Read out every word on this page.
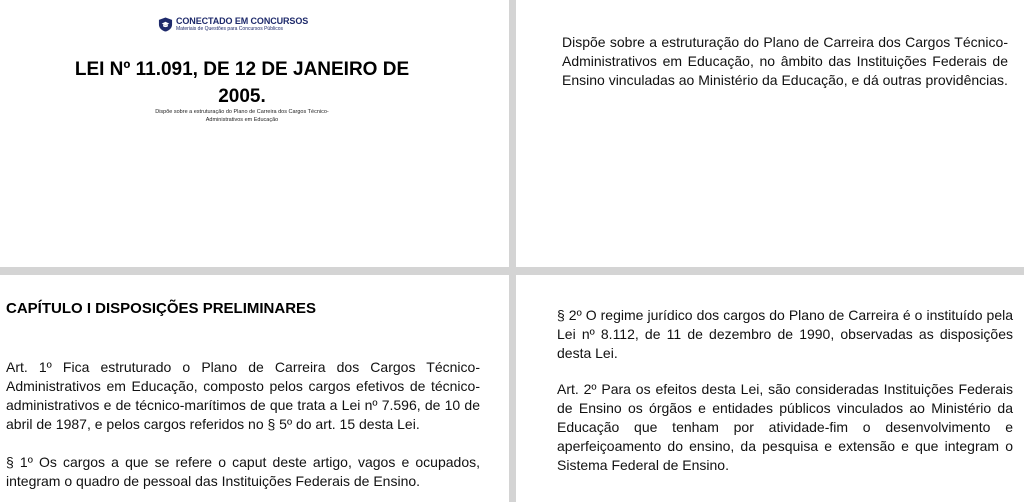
CONECTADO EM CONCURSOS
Materiais de Questões para Concursos Públicos
LEI Nº 11.091, DE 12 DE JANEIRO DE 2005.
Dispõe sobre a estruturação do Plano de Carreira dos Cargos Técnico-Administrativos em Educação

Dispõe sobre a estruturação do Plano de Carreira dos Cargos Técnico-Administrativos em Educação, no âmbito das Instituições Federais de Ensino vinculadas ao Ministério da Educação, e dá outras providências.

CAPÍTULO I DISPOSIÇÕES PRELIMINARES

Art. 1º Fica estruturado o Plano de Carreira dos Cargos Técnico-Administrativos em Educação, composto pelos cargos efetivos de técnico-administrativos e de técnico-marítimos de que trata a Lei nº 7.596, de 10 de abril de 1987, e pelos cargos referidos no § 5º do art. 15 desta Lei.

§ 1º Os cargos a que se refere o caput deste artigo, vagos e ocupados, integram o quadro de pessoal das Instituições Federais de Ensino.

§ 2º O regime jurídico dos cargos do Plano de Carreira é o instituído pela Lei nº 8.112, de 11 de dezembro de 1990, observadas as disposições desta Lei.

Art. 2º Para os efeitos desta Lei, são consideradas Instituições Federais de Ensino os órgãos e entidades públicos vinculados ao Ministério da Educação que tenham por atividade-fim o desenvolvimento e aperfeiçoamento do ensino, da pesquisa e extensão e que integram o Sistema Federal de Ensino.
